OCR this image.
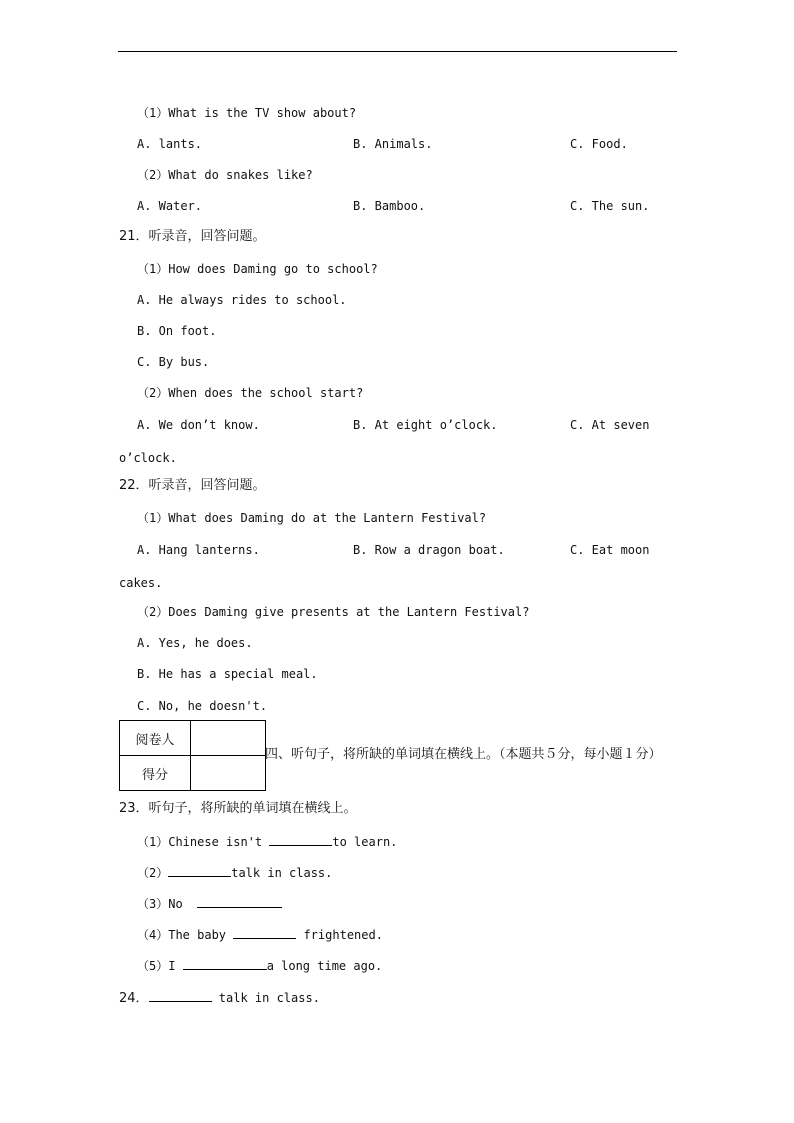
（1）What is the TV show about?
A. lants.	B. Animals.	C. Food.
（2）What do snakes like?
A. Water.	B. Bamboo.	C. The sun.
21．听录音，回答问题。
（1）How does Daming go to school?
A. He always rides to school.
B. On foot.
C. By bus.
（2）When does the school start?
A. We don’t know.	B. At eight o’clock.	C. At seven
o’clock.
22．听录音，回答问题。
（1）What does Daming do at the Lantern Festival?
A. Hang lanterns.	B. Row a dragon boat.	C. Eat moon
cakes.
（2）Does Daming give presents at the Lantern Festival?
A. Yes, he does.
B. He has a special meal.
C. No, he doesn't.
阅卷人	
得分	
四、听句子，将所缺的单词填在横线上。（本题共５分，每小题１分）
23．听句子，将所缺的单词填在横线上。
（1）Chinese isn't	to learn.
（2）	talk in class.
（3）No
（4）The baby	frightened.
（5）I	a long time ago.
24．	talk in class.
